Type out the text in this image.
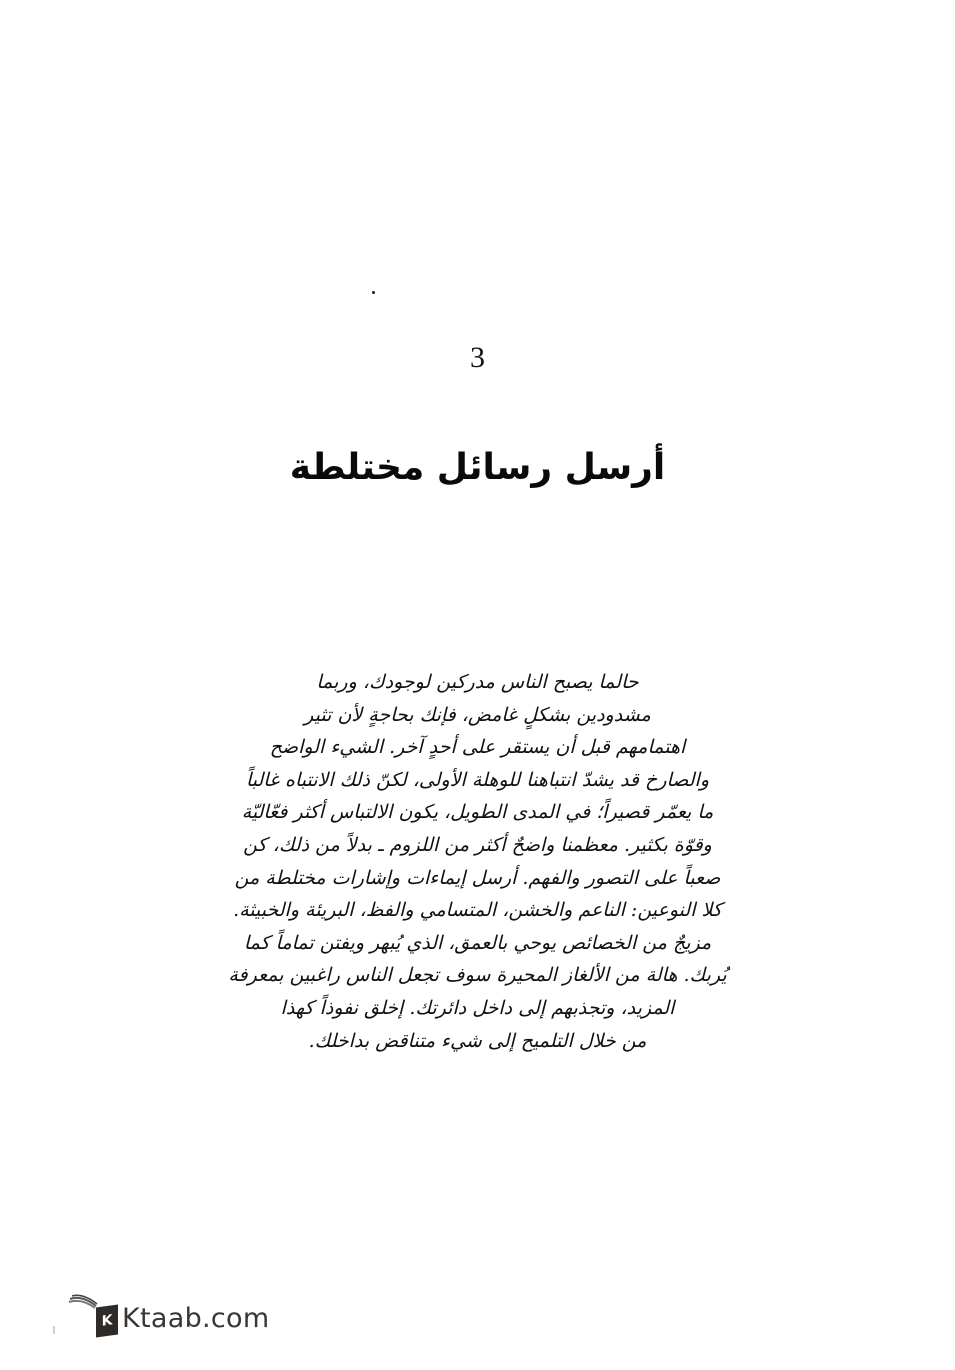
3
أرسل رسائل مختلطة
حالما يصبح الناس مدركين لوجودك، وربما
مشدودين بشكلٍ غامض، فإنك بحاجةٍ لأن تثير
اهتمامهم قبل أن يستقر على أحدٍ آخر. الشيء الواضح
والصارخ قد يشدّ انتباهنا للوهلة الأولى، لكنّ ذلك الانتباه غالباً
ما يعمّر قصيراً؛ في المدى الطويل، يكون الالتباس أكثر فعّاليّة
وقوّة بكثير. معظمنا واضحٌ أكثر من اللزوم ـ بدلاً من ذلك، كن
صعباً على التصور والفهم. أرسل إيماءات وإشارات مختلطة من
كلا النوعين: الناعم والخشن، المتسامي والفظ، البريئة والخبيثة.
مزيجٌ من الخصائص يوحي بالعمق، الذي يُبهر ويفتن تماماً كما
يُربك. هالة من الألغاز المحيرة سوف تجعل الناس راغبين بمعرفة
المزيد، وتجذبهم إلى داخل دائرتك. إخلق نفوذاً كهذا
من خلال التلميح إلى شيء متناقض بداخلك.
K Ktaab.com
